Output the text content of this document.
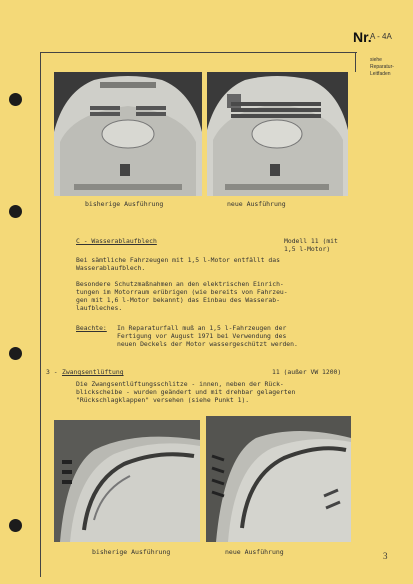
Nr.
A - 4A
siehe
Reparatur-
Leitfaden
bisherige Ausführung	neue Ausführung
C - Wasserablaufblech	Modell 11 (mit
1,5 l-Motor)
Bei sämtliche Fahrzeugen mit 1,5 l-Motor entfällt das
Wasserablaufblech.
Besondere Schutzmaßnahmen an den elektrischen Einrich-
tungen im Motorraum erübrigen (wie bereits von Fahrzeu-
gen mit 1,6 l-Motor bekannt) das Einbau des Wasserab-
laufbleches.
Beachte: In Reparaturfall muß an 1,5 l-Fahrzeugen der
Fertigung vor August 1971 bei Verwendung des
neuen Deckels der Motor wassergeschützt werden.
3 - Zwangsentlüftung	11 (außer VW 1200)
Die Zwangsentlüftungsschlitze - innen, neben der Rück-
blickscheibe - wurden geändert und mit drehbar gelagerten
"Rückschlagklappen" versehen (siehe Punkt 1).
bisherige Ausführung	neue Ausführung	3
